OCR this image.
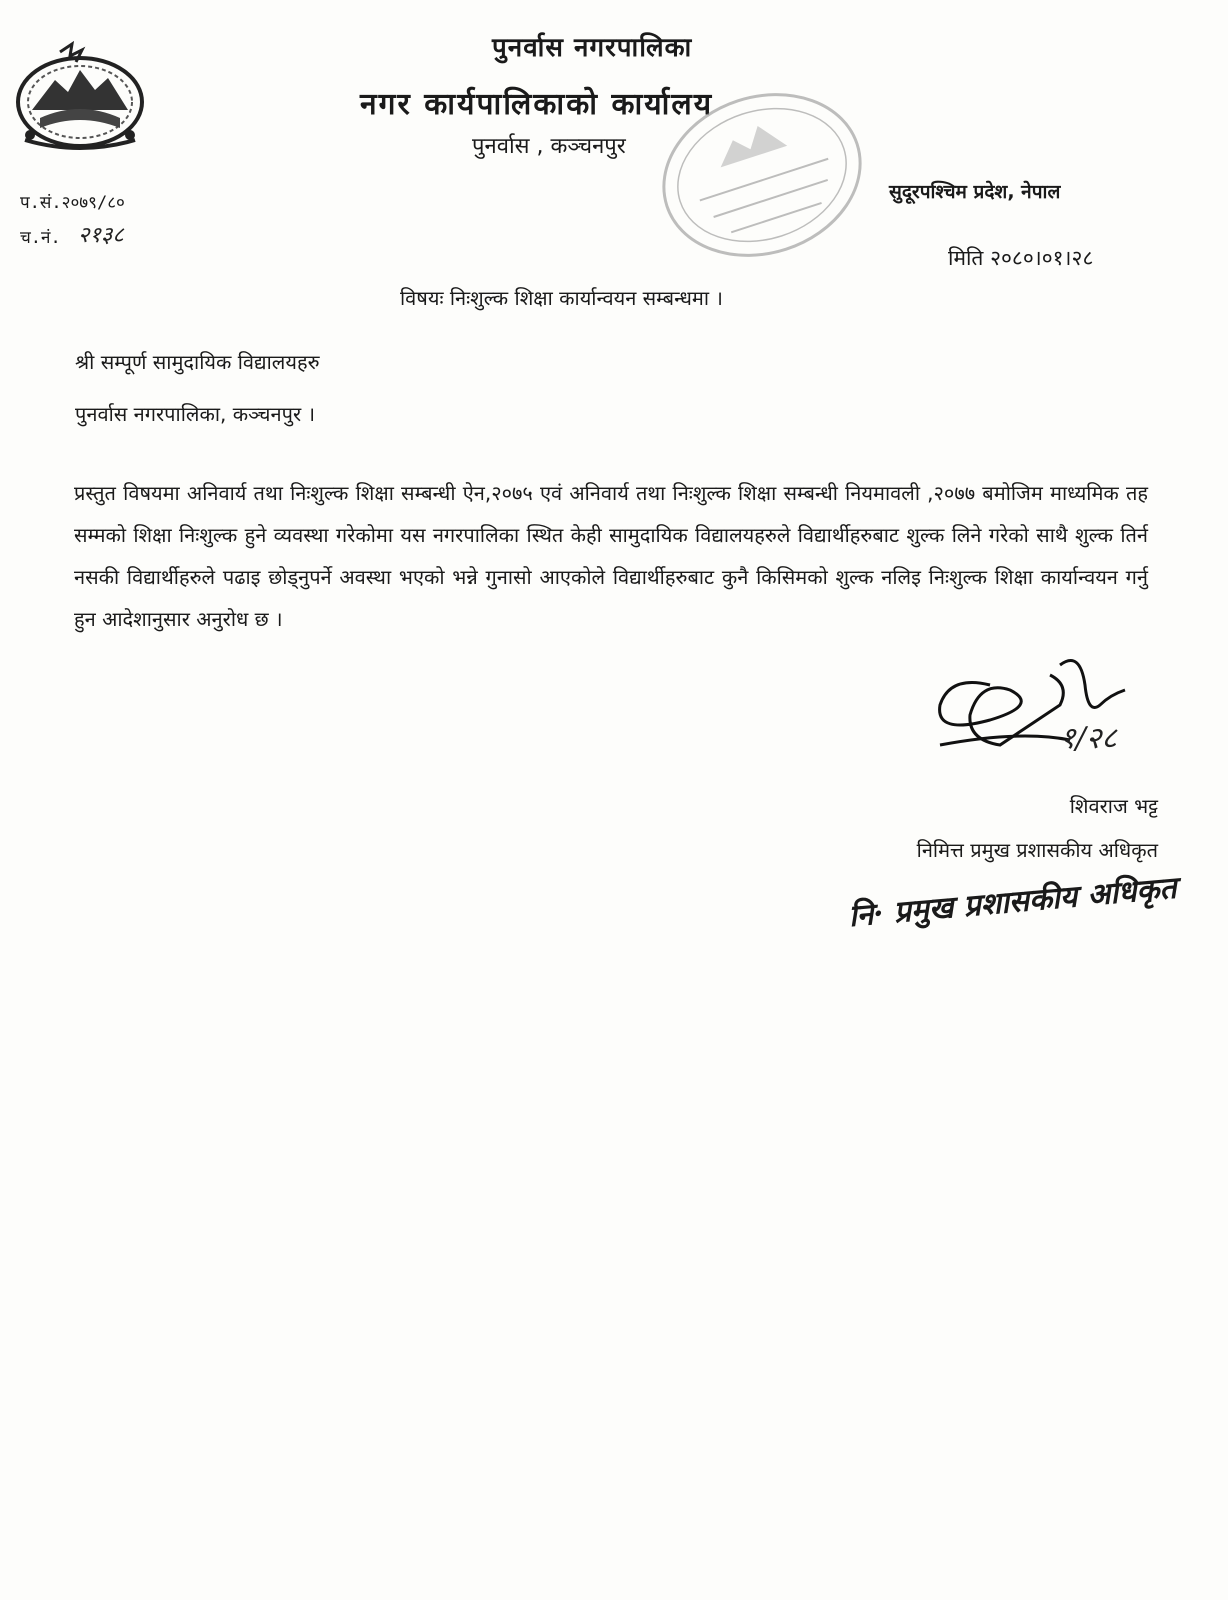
पुनर्वास नगरपालिका
नगर कार्यपालिकाको कार्यालय
पुनर्वास , कञ्चनपुर
सुदूरपश्चिम प्रदेश, नेपाल
प.सं.२०७९/८०
च.नं. २१३८
मिति २०८०।०१।२८
विषयः निःशुल्क शिक्षा कार्यान्वयन सम्बन्धमा ।
श्री सम्पूर्ण सामुदायिक विद्यालयहरु
पुनर्वास नगरपालिका, कञ्चनपुर ।
प्रस्तुत विषयमा अनिवार्य तथा निःशुल्क शिक्षा सम्बन्धी ऐन,२०७५ एवं अनिवार्य तथा निःशुल्क शिक्षा सम्बन्धी नियमावली ,२०७७ बमोजिम माध्यमिक तह सम्मको शिक्षा निःशुल्क हुने व्यवस्था गरेकोमा यस नगरपालिका स्थित केही सामुदायिक विद्यालयहरुले विद्यार्थीहरुबाट शुल्क लिने गरेको साथै शुल्क तिर्न नसकी विद्यार्थीहरुले पढाइ छोड्नुपर्ने अवस्था भएको भन्ने गुनासो आएकोले विद्यार्थीहरुबाट कुनै किसिमको शुल्क नलिइ निःशुल्क शिक्षा कार्यान्वयन गर्नु हुन आदेशानुसार अनुरोध छ ।
१/२८
शिवराज भट्ट
निमित्त प्रमुख प्रशासकीय अधिकृत
नि· प्रमुख प्रशासकीय अधिकृत
